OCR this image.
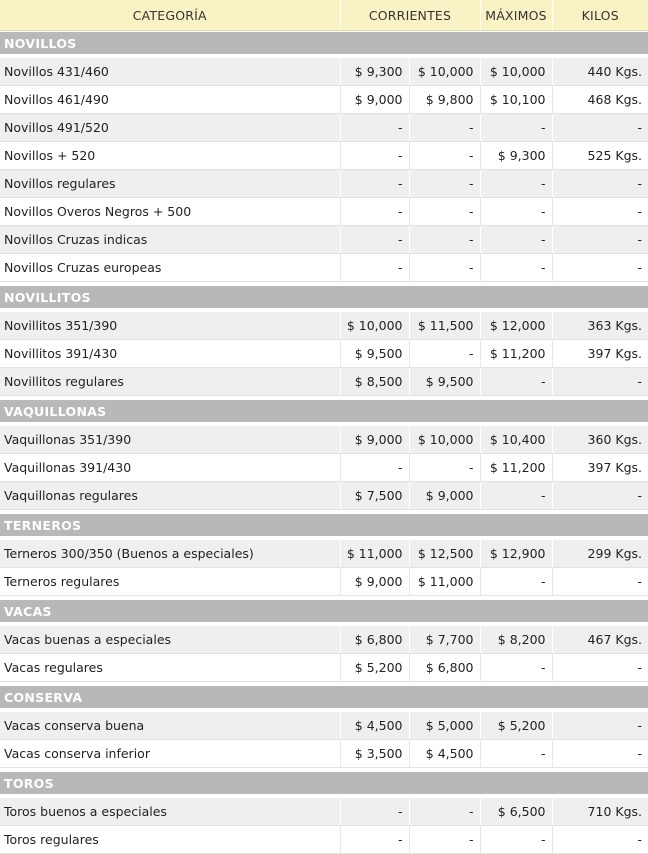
CATEGORÍA	CORRIENTES		MÁXIMOS	KILOS

NOVILLOS				

Novillos 431/460	$ 9,300	$ 10,000	$ 10,000	440 Kgs.
Novillos 461/490	$ 9,000	$ 9,800	$ 10,100	468 Kgs.
Novillos 491/520	-	-	-	-
Novillos + 520	-	-	$ 9,300	525 Kgs.
Novillos regulares	-	-	-	-
Novillos Overos Negros + 500	-	-	-	-
Novillos Cruzas indicas	-	-	-	-
Novillos Cruzas europeas	-	-	-	-

NOVILLITOS				

Novillitos 351/390	$ 10,000	$ 11,500	$ 12,000	363 Kgs.
Novillitos 391/430	$ 9,500	-	$ 11,200	397 Kgs.
Novillitos regulares	$ 8,500	$ 9,500	-	-

VAQUILLONAS				

Vaquillonas 351/390	$ 9,000	$ 10,000	$ 10,400	360 Kgs.
Vaquillonas 391/430	-	-	$ 11,200	397 Kgs.
Vaquillonas regulares	$ 7,500	$ 9,000	-	-

TERNEROS				

Terneros 300/350 (Buenos a especiales)	$ 11,000	$ 12,500	$ 12,900	299 Kgs.
Terneros regulares	$ 9,000	$ 11,000	-	-

VACAS				

Vacas buenas a especiales	$ 6,800	$ 7,700	$ 8,200	467 Kgs.
Vacas regulares	$ 5,200	$ 6,800	-	-

CONSERVA				

Vacas conserva buena	$ 4,500	$ 5,000	$ 5,200	-
Vacas conserva inferior	$ 3,500	$ 4,500	-	-

TOROS				

Toros buenos a especiales	-	-	$ 6,500	710 Kgs.
Toros regulares	-	-	-	-
